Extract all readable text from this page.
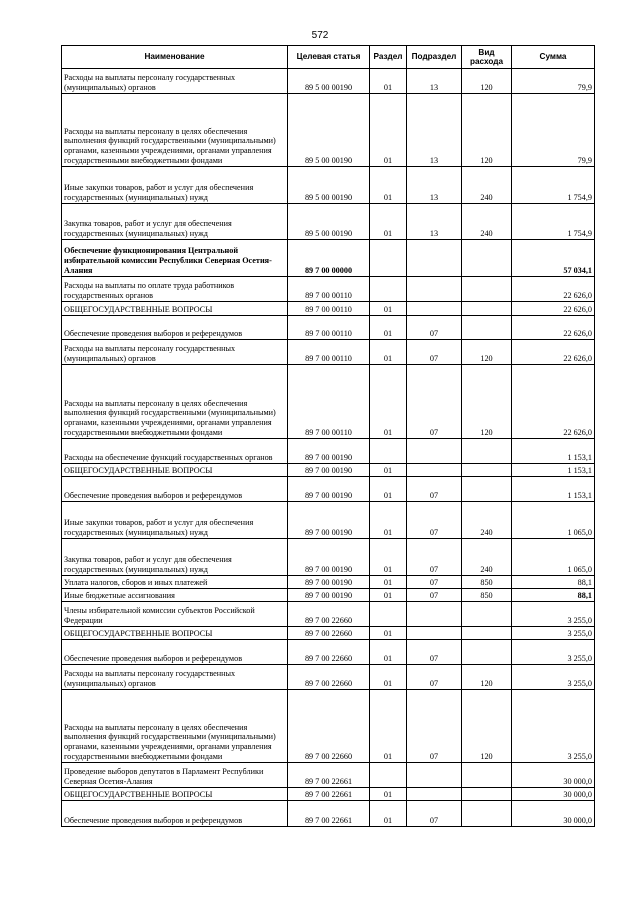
572
Наименование	Целевая статья	Раздел	Подраздел	Вид расхода	Сумма
Расходы на выплаты персоналу государственных (муниципальных) органов	89 5 00 00190	01	13	120	79,9
Расходы на выплаты персоналу в целях обеспечения выполнения функций государственными (муниципальными) органами, казенными учреждениями, органами управления государственными внебюджетными фондами	89 5 00 00190	01	13	120	79,9
Иные закупки товаров, работ и услуг для обеспечения государственных (муниципальных) нужд	89 5 00 00190	01	13	240	1 754,9
Закупка товаров, работ и услуг для обеспечения государственных (муниципальных) нужд	89 5 00 00190	01	13	240	1 754,9
Обеспечение функционирования Центральной избирательной комиссии Республики Северная Осетия-Алания	89 7 00 00000				57 034,1
Расходы на выплаты по оплате труда работников государственных органов	89 7 00 00110				22 626,0
ОБЩЕГОСУДАРСТВЕННЫЕ ВОПРОСЫ	89 7 00 00110	01			22 626,0
Обеспечение проведения выборов и референдумов	89 7 00 00110	01	07		22 626,0
Расходы на выплаты персоналу государственных (муниципальных) органов	89 7 00 00110	01	07	120	22 626,0
Расходы на выплаты персоналу в целях обеспечения выполнения функций государственными (муниципальными) органами, казенными учреждениями, органами управления государственными внебюджетными фондами	89 7 00 00110	01	07	120	22 626,0
Расходы на обеспечение функций государственных органов	89 7 00 00190				1 153,1
ОБЩЕГОСУДАРСТВЕННЫЕ ВОПРОСЫ	89 7 00 00190	01			1 153,1
Обеспечение проведения выборов и референдумов	89 7 00 00190	01	07		1 153,1
Иные закупки товаров, работ и услуг для обеспечения государственных (муниципальных) нужд	89 7 00 00190	01	07	240	1 065,0
Закупка товаров, работ и услуг для обеспечения государственных (муниципальных) нужд	89 7 00 00190	01	07	240	1 065,0
Уплата налогов, сборов и иных платежей	89 7 00 00190	01	07	850	88,1
Иные бюджетные ассигнования	89 7 00 00190	01	07	850	88,1
Члены избирательной комиссии субъектов Российской Федерации	89 7 00 22660				3 255,0
ОБЩЕГОСУДАРСТВЕННЫЕ ВОПРОСЫ	89 7 00 22660	01			3 255,0
Обеспечение проведения выборов и референдумов	89 7 00 22660	01	07		3 255,0
Расходы на выплаты персоналу государственных (муниципальных) органов	89 7 00 22660	01	07	120	3 255,0
Расходы на выплаты персоналу в целях обеспечения выполнения функций государственными (муниципальными) органами, казенными учреждениями, органами управления государственными внебюджетными фондами	89 7 00 22660	01	07	120	3 255,0
Проведение выборов депутатов в Парламент Республики Северная Осетия-Алания	89 7 00 22661				30 000,0
ОБЩЕГОСУДАРСТВЕННЫЕ ВОПРОСЫ	89 7 00 22661	01			30 000,0
Обеспечение проведения выборов и референдумов	89 7 00 22661	01	07		30 000,0
